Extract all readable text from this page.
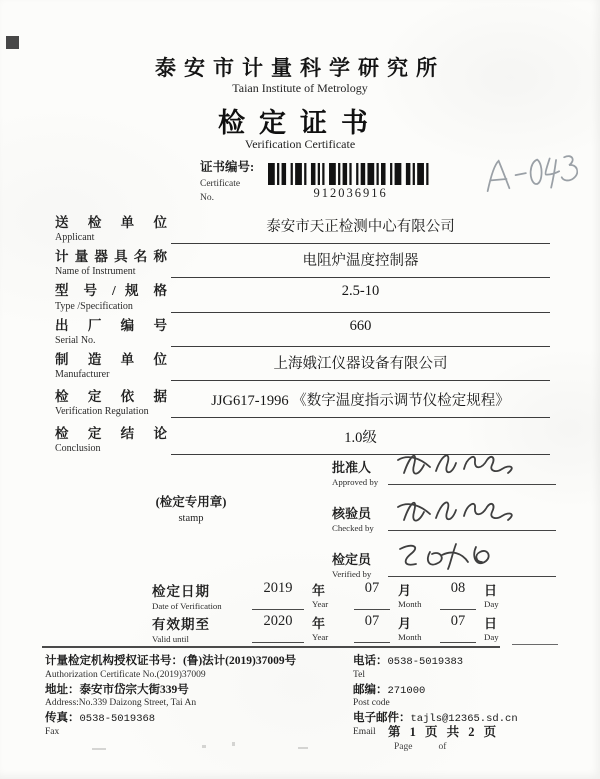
泰安市计量科学研究所
Taian Institute of Metrology
检定证书
Verification Certificate
证书编号:
Certificate
No.	912036916
送 检 单 位
Applicant
泰安市天正检测中心有限公司
计 量 器 具 名 称
Name of Instrument
电阻炉温度控制器
型 号 / 规 格
Type /Specification
2.5-10
出 厂 编 号
Serial No.
660
制 造 单 位
Manufacturer
上海娥江仪器设备有限公司
检 定 依 据
Verification Regulation
JJG617-1996 《数字温度指示调节仪检定规程》
检 定 结 论
Conclusion
1.0级
(检定专用章)
stamp
批准人
Approved by
核验员
Checked by
检定员
Verified by
检定日期
Date of Verification
2019	年
Year
07	月
Month
08	日
Day
有效期至
Valid until
2020	年
Year
07	月
Month
07	日
Day
计量检定机构授权证书号：(鲁)法计(2019)37009号
Authorization Certificate No.(2019)37009
地址：泰安市岱宗大街339号
Address:No.339 Daizong Street, Tai An
传真：0538-5019368
Fax
电话：0538-5019383
Tel
邮编：271000
Post code
电子邮件：tajls@12365.sd.cn
Email 第 1 页 共 2 页
Page	of
